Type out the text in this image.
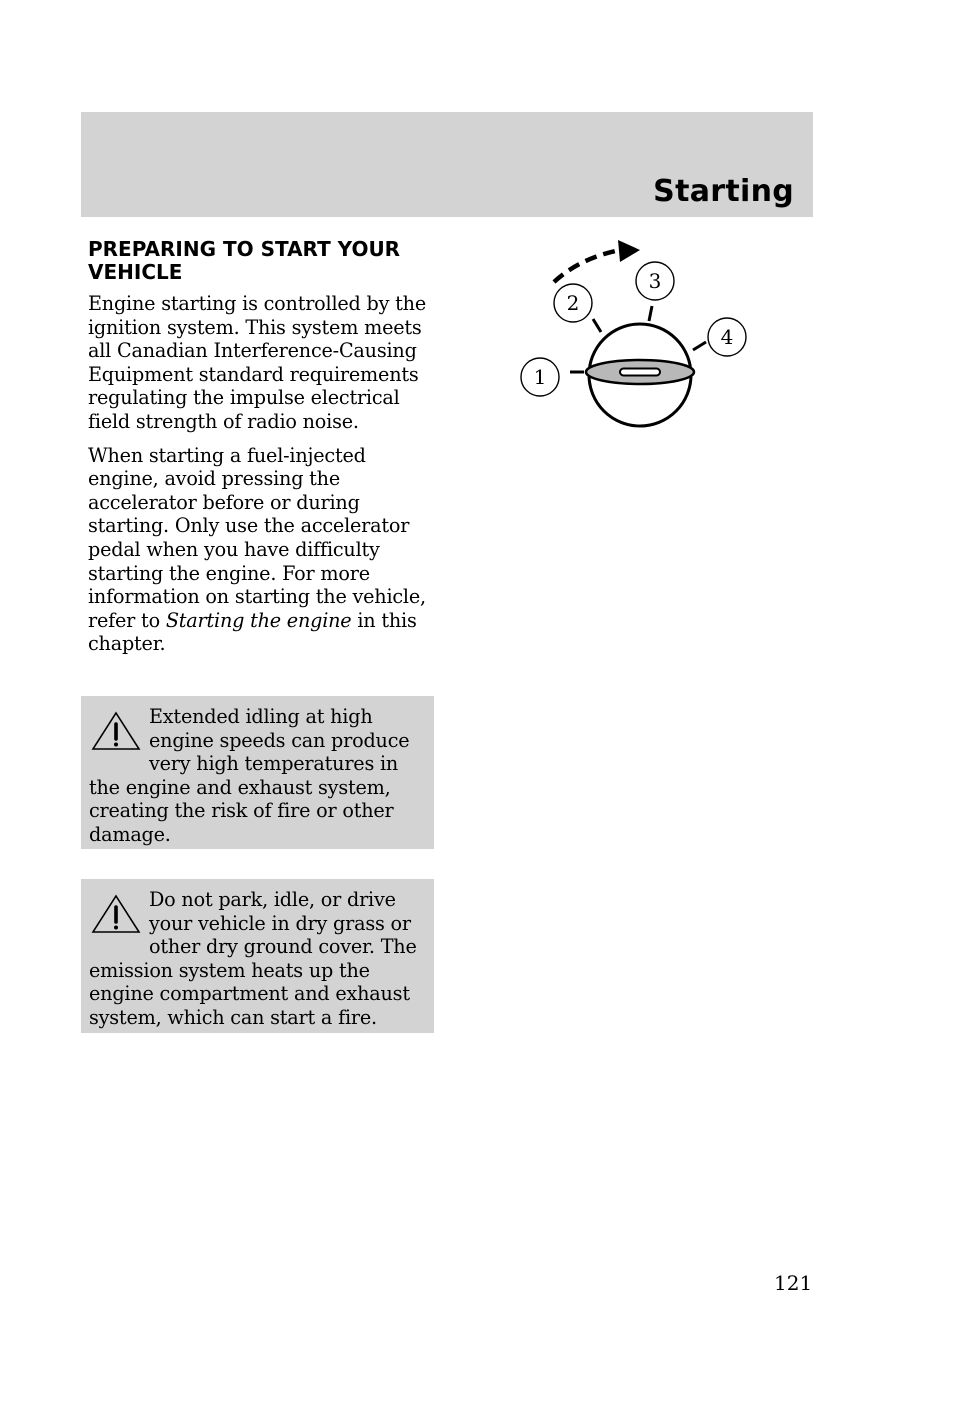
Starting
PREPARING TO START YOUR VEHICLE

Engine starting is controlled by the ignition system. This system meets all Canadian Interference-Causing Equipment standard requirements regulating the impulse electrical field strength of radio noise.

When starting a fuel-injected engine, avoid pressing the accelerator before or during starting. Only use the accelerator pedal when you have difficulty starting the engine. For more information on starting the vehicle, refer to Starting the engine in this chapter.

Extended idling at high engine speeds can produce very high temperatures in the engine and exhaust system, creating the risk of fire or other damage.
Do not park, idle, or drive your vehicle in dry grass or other dry ground cover. The emission system heats up the engine compartment and exhaust system, which can start a fire.
1
2
3
4
121
